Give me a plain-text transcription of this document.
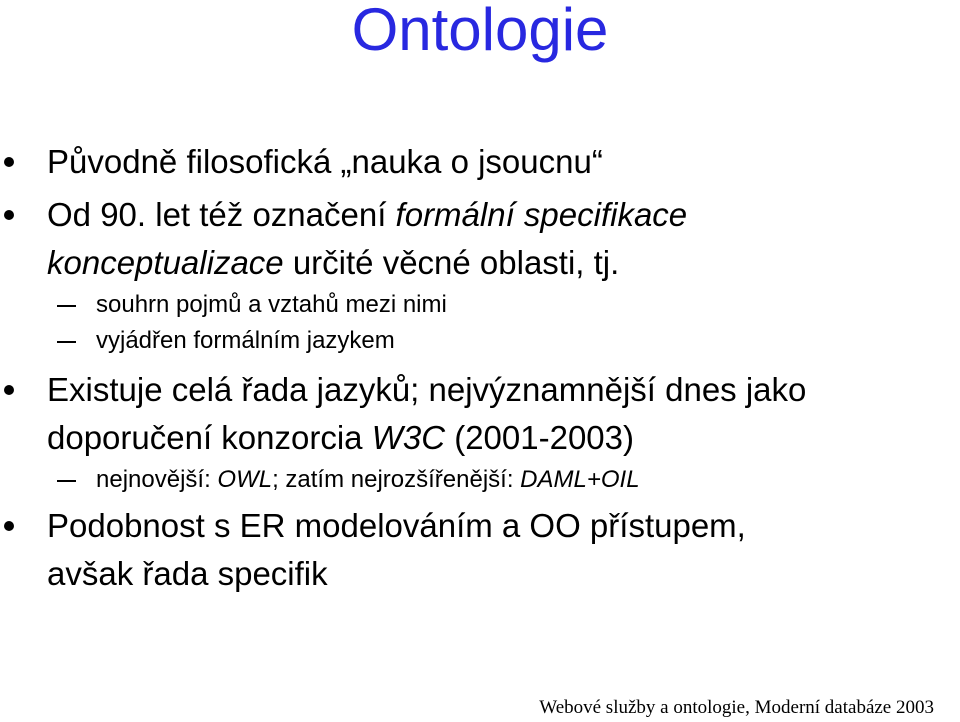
Ontologie
Původně filosofická „nauka o jsoucnu“
Od 90. let též označení formální specifikace
konceptualizace určité věcné oblasti, tj.
souhrn pojmů a vztahů mezi nimi
vyjádřen formálním jazykem
Existuje celá řada jazyků; nejvýznamnější dnes jako
doporučení konzorcia W3C (2001-2003)
nejnovější: OWL; zatím nejrozšířenější: DAML+OIL
Podobnost s ER modelováním a OO přístupem,
avšak řada specifik
Webové služby a ontologie, Moderní databáze 2003
